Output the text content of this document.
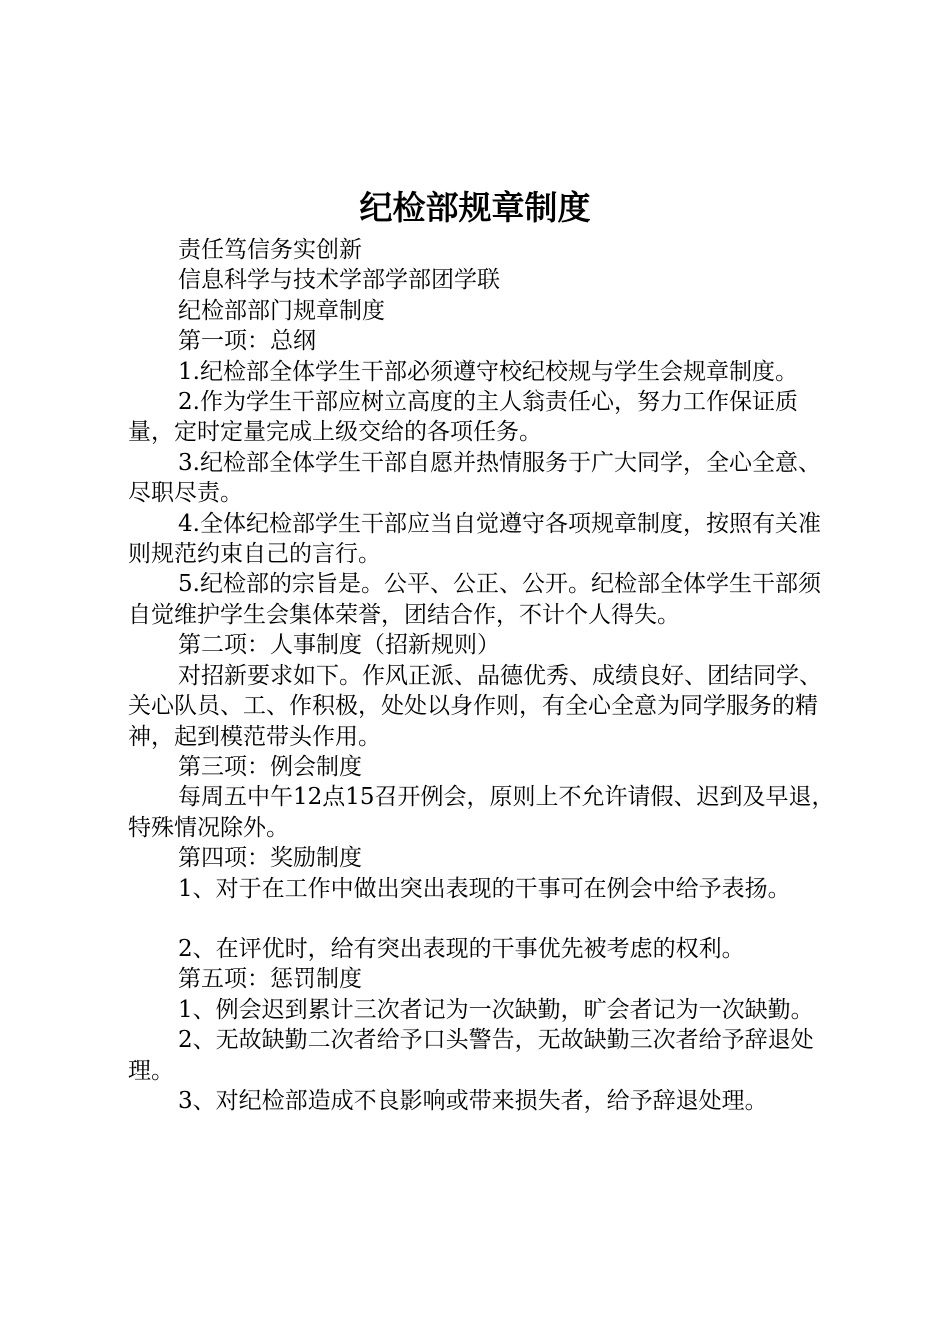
纪检部规章制度

责任笃信务实创新

信息科学与技术学部学部团学联

纪检部部门规章制度

第一项：总纲

1.纪检部全体学生干部必须遵守校纪校规与学生会规章制度。

2.作为学生干部应树立高度的主人翁责任心，努力工作保证质量，定时定量完成上级交给的各项任务。

3.纪检部全体学生干部自愿并热情服务于广大同学，全心全意、尽职尽责。

4.全体纪检部学生干部应当自觉遵守各项规章制度，按照有关准则规范约束自己的言行。

5.纪检部的宗旨是。公平、公正、公开。纪检部全体学生干部须自觉维护学生会集体荣誉，团结合作，不计个人得失。

第二项：人事制度（招新规则）

对招新要求如下。作风正派、品德优秀、成绩良好、团结同学、关心队员、工、作积极，处处以身作则，有全心全意为同学服务的精神，起到模范带头作用。

第三项：例会制度

每周五中午12点15召开例会，原则上不允许请假、迟到及早退，特殊情况除外。

第四项：奖励制度

1、对于在工作中做出突出表现的干事可在例会中给予表扬。

2、在评优时，给有突出表现的干事优先被考虑的权利。

第五项：惩罚制度

1、例会迟到累计三次者记为一次缺勤，旷会者记为一次缺勤。

2、无故缺勤二次者给予口头警告，无故缺勤三次者给予辞退处理。

3、对纪检部造成不良影响或带来损失者，给予辞退处理。
